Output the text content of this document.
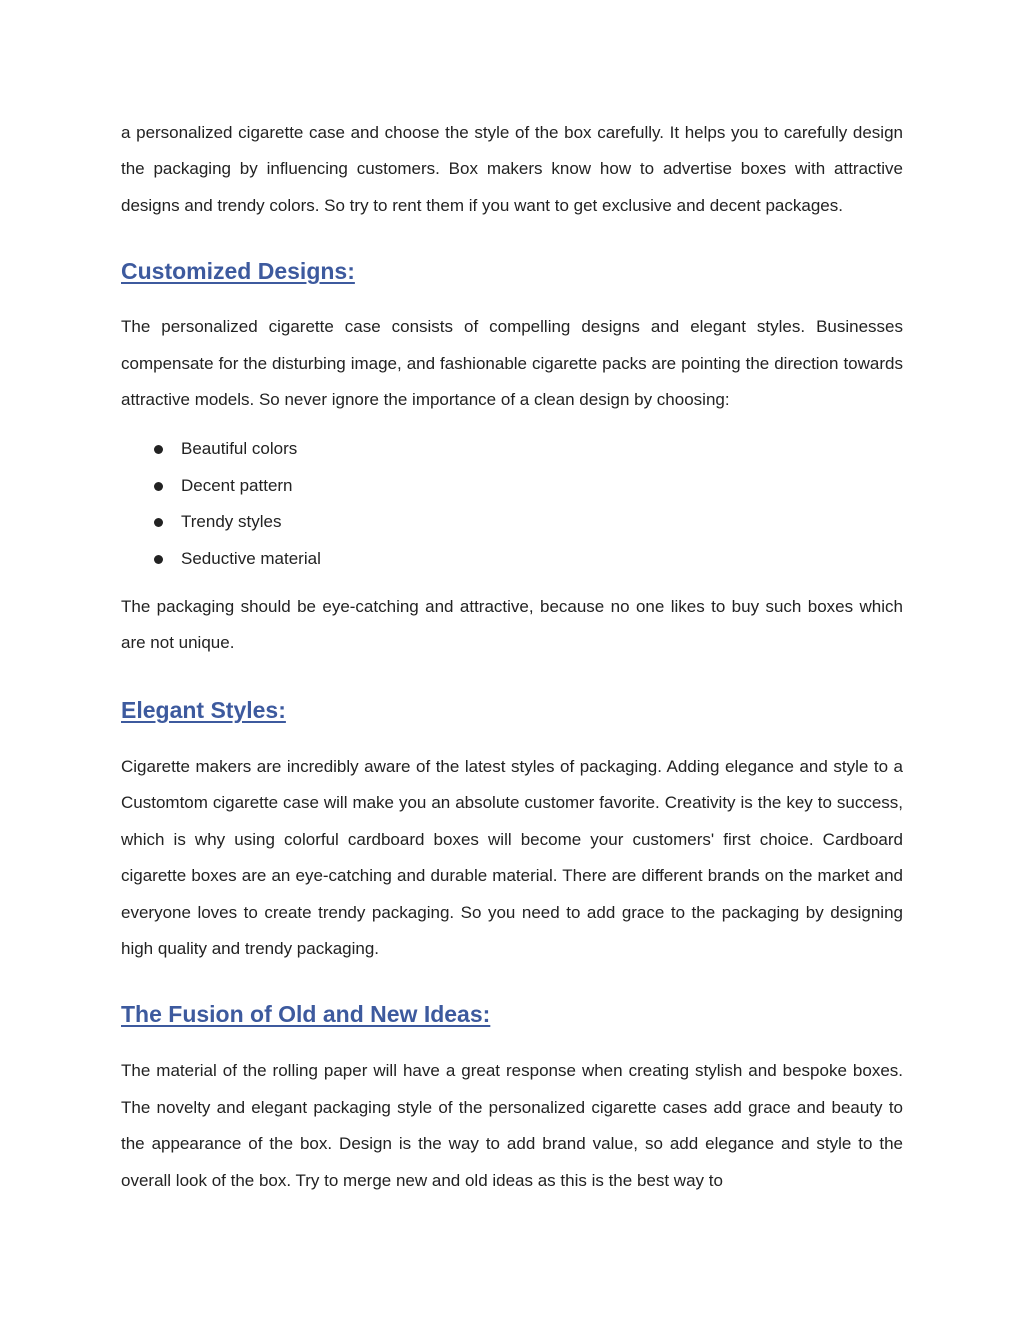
a personalized cigarette case and choose the style of the box carefully. It helps you to carefully design the packaging by influencing customers. Box makers know how to advertise boxes with attractive designs and trendy colors. So try to rent them if you want to get exclusive and decent packages.

Customized Designs:

The personalized cigarette case consists of compelling designs and elegant styles. Businesses compensate for the disturbing image, and fashionable cigarette packs are pointing the direction towards attractive models. So never ignore the importance of a clean design by choosing:

Beautiful colors
Decent pattern
Trendy styles
Seductive material

The packaging should be eye-catching and attractive, because no one likes to buy such boxes which are not unique.

Elegant Styles:

Cigarette makers are incredibly aware of the latest styles of packaging. Adding elegance and style to a Customtom cigarette case will make you an absolute customer favorite. Creativity is the key to success, which is why using colorful cardboard boxes will become your customers' first choice. Cardboard cigarette boxes are an eye-catching and durable material. There are different brands on the market and everyone loves to create trendy packaging. So you need to add grace to the packaging by designing high quality and trendy packaging.

The Fusion of Old and New Ideas:

The material of the rolling paper will have a great response when creating stylish and bespoke boxes. The novelty and elegant packaging style of the personalized cigarette cases add grace and beauty to the appearance of the box. Design is the way to add brand value, so add elegance and style to the overall look of the box. Try to merge new and old ideas as this is the best way to
